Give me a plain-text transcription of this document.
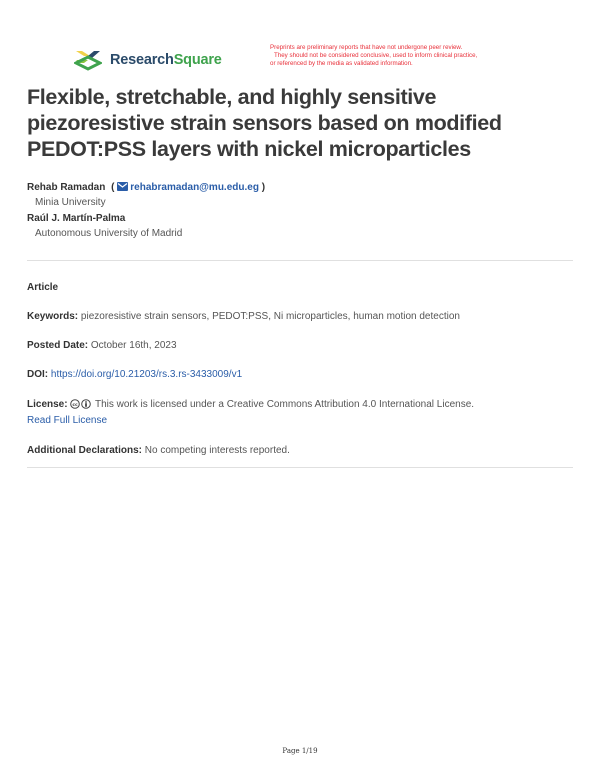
ResearchSquare
Preprints are preliminary reports that have not undergone peer review.
They should not be considered conclusive, used to inform clinical practice,
or referenced by the media as validated information.
Flexible, stretchable, and highly sensitive
piezoresistive strain sensors based on modified
PEDOT:PSS layers with nickel microparticles
Rehab Ramadan ( rehabramadan@mu.edu.eg )
Minia University
Raúl J. Martín-Palma
Autonomous University of Madrid
Article
Keywords: piezoresistive strain sensors, PEDOT:PSS, Ni microparticles, human motion detection
Posted Date: October 16th, 2023
DOI: https://doi.org/10.21203/rs.3.rs-3433009/v1
License: cc This work is licensed under a Creative Commons Attribution 4.0 International License.
Read Full License
Additional Declarations: No competing interests reported.
Page 1/19
